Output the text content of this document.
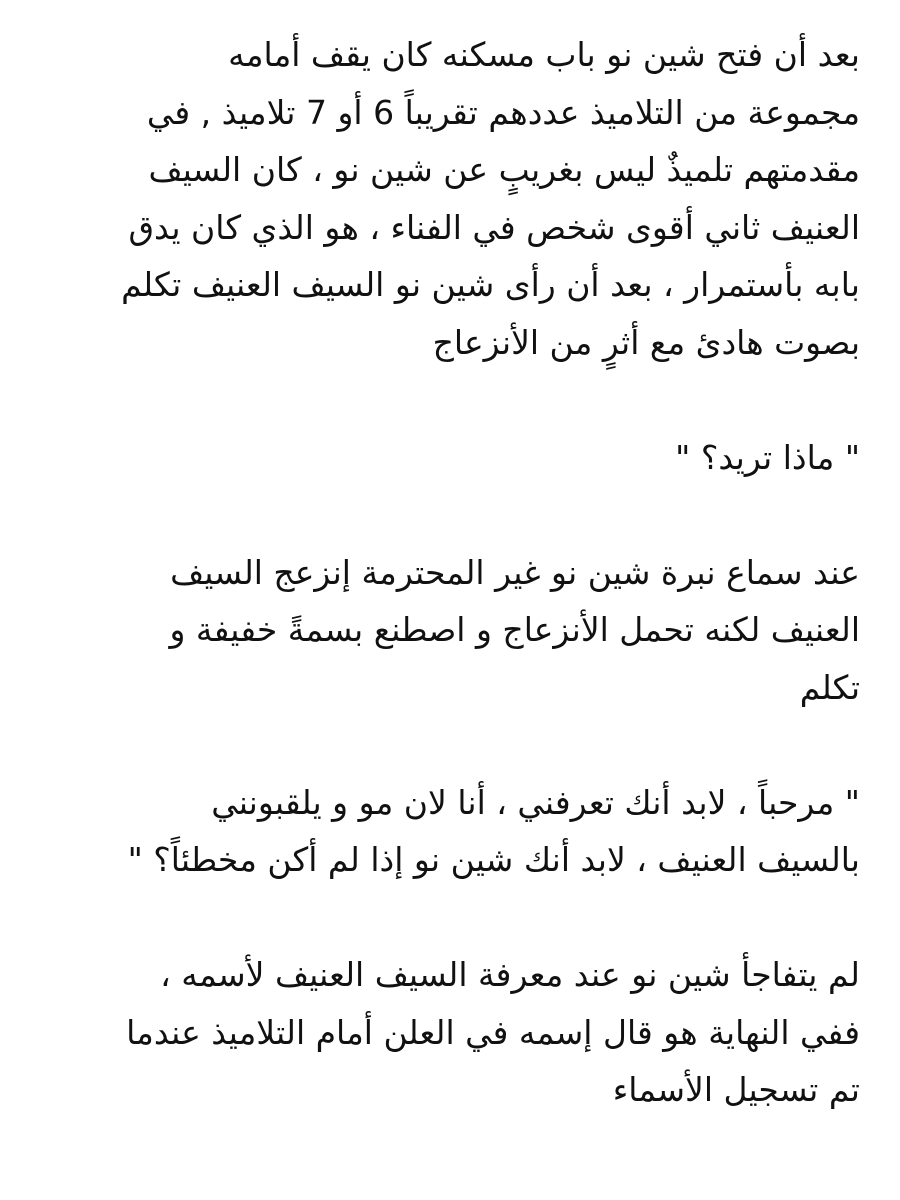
بعد أن فتح شين نو باب مسكنه كان يقف أمامه
مجموعة من التلاميذ عددهم تقريباً 6 أو 7 تلاميذ , في
مقدمتهم تلميذٌ ليس بغريبٍ عن شين نو ، كان السيف
العنيف ثاني أقوى شخص في الفناء ، هو الذي كان يدق
بابه بأستمرار ، بعد أن رأى شين نو السيف العنيف تكلم
بصوت هادئ مع أثرٍ من الأنزعاج

" ماذا تريد؟ "

عند سماع نبرة شين نو غير المحترمة إنزعج السيف
العنيف لكنه تحمل الأنزعاج و اصطنع بسمةً خفيفة و
تكلم

" مرحباً ، لابد أنك تعرفني ، أنا لان مو و يلقبونني
بالسيف العنيف ، لابد أنك شين نو إذا لم أكن مخطئاً؟ "

لم يتفاجأ شين نو عند معرفة السيف العنيف لأسمه ،
ففي النهاية هو قال إسمه في العلن أمام التلاميذ عندما
تم تسجيل الأسماء
